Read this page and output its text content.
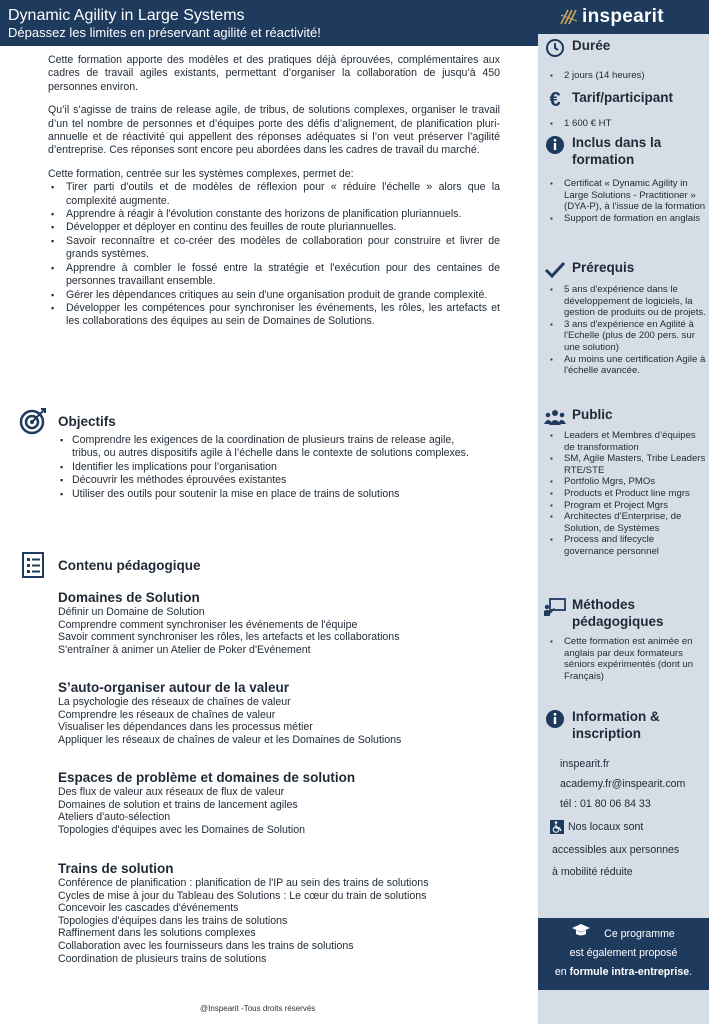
Dynamic Agility in Large Systems
Dépassez les limites en préservant agilité et réactivité!

Cette formation apporte des modèles et des pratiques déjà éprouvées, complémentaires aux cadres de travail agiles existants, permettant d’organiser la collaboration de jusqu’à 450 personnes environ.

Qu’il s’agisse de trains de release agile, de tribus, de solutions complexes, organiser le travail d’un tel nombre de personnes et d’équipes porte des défis d’alignement, de planification pluri-annuelle et de réactivité qui appellent des réponses adéquates si l’on veut préserver l’agilité d’entreprise. Ces réponses sont encore peu abordées dans les cadres de travail du marché.

Cette formation, centrée sur les systèmes complexes, permet de:

▪ Tirer parti d'outils et de modèles de réflexion pour « réduire l'échelle » alors que la complexité augmente.
▪ Apprendre à réagir à l'évolution constante des horizons de planification pluriannuels.
▪ Développer et déployer en continu des feuilles de route pluriannuelles.
▪ Savoir reconnaître et co-créer des modèles de collaboration pour construire et livrer de grands systèmes.
▪ Apprendre à combler le fossé entre la stratégie et l'exécution pour des centaines de personnes travaillant ensemble.
▪ Gérer les dépendances critiques au sein d'une organisation produit de grande complexité.
▪ Développer les compétences pour synchroniser les événements, les rôles, les artefacts et les collaborations des équipes au sein de Domaines de Solutions.
Objectifs
▪ Comprendre les exigences de la coordination de plusieurs trains de release agile, tribus, ou autres dispositifs agile à l’échelle dans le contexte de solutions complexes.
▪ Identifier les implications pour l’organisation
▪ Découvrir les méthodes éprouvées existantes
▪ Utiliser des outils pour soutenir la mise en place de trains de solutions
Contenu pédagogique
Domaines de Solution
Définir un Domaine de Solution
Comprendre comment synchroniser les événements de l'équipe
Savoir comment synchroniser les rôles, les artefacts et les collaborations
S'entraîner à animer un Atelier de Poker d'Evénement
S’auto-organiser autour de la valeur
La psychologie des réseaux de chaînes de valeur
Comprendre les réseaux de chaînes de valeur
Visualiser les dépendances dans les processus métier
Appliquer les réseaux de chaînes de valeur et les Domaines de Solutions
Espaces de problème et domaines de solution
Des flux de valeur aux réseaux de flux de valeur
Domaines de solution et trains de lancement agiles
Ateliers d'auto-sélection
Topologies d'équipes avec les Domaines de Solution
Trains de solution
Conférence de planification : planification de l'IP au sein des trains de solutions
Cycles de mise à jour du Tableau des Solutions : Le cœur du train de solutions
Concevoir les cascades d'événements
Topologies d'équipes dans les trains de solutions
Raffinement dans les solutions complexes
Collaboration avec les fournisseurs dans les trains de solutions
Coordination de plusieurs trains de solutions
@Inspearit -Tous droits réservés
inspearit
Durée
▪ 2 jours (14 heures)
€ Tarif/participant
▪ 1 600 € HT
Inclus dans la formation
▪ Certificat « Dynamic Agility in Large Solutions - Practitioner » (DYA-P), à l’issue de la formation
▪ Support de formation en anglais
Prérequis
▪ 5 ans d'expérience dans le développement de logiciels, la gestion de produits ou de projets.
▪ 3 ans d'expérience en Agilité à l'Echelle (plus de 200 pers. sur une solution)
▪ Au moins une certification Agile à l'échelle avancée.
Public
▪ Leaders et Membres d’équipes de transformation
▪ SM, Agile Masters, Tribe Leaders RTE/STE
▪ Portfolio Mgrs, PMOs
▪ Products et Product line mgrs
▪ Program et Project Mgrs
▪ Architectes d’Enterprise, de Solution, de Systèmes
▪ Process and lifecycle governance personnel
Méthodes pédagogiques
▪ Cette formation est animée en anglais par deux formateurs séniors expérimentés (dont un Français)
Information & inscription
inspearit.fr
academy.fr@inspearit.com
tél : 01 80 06 84 33
Nos locaux sont
accessibles aux personnes
à mobilité réduite
Ce programme
est également proposé
en formule intra-entreprise.
